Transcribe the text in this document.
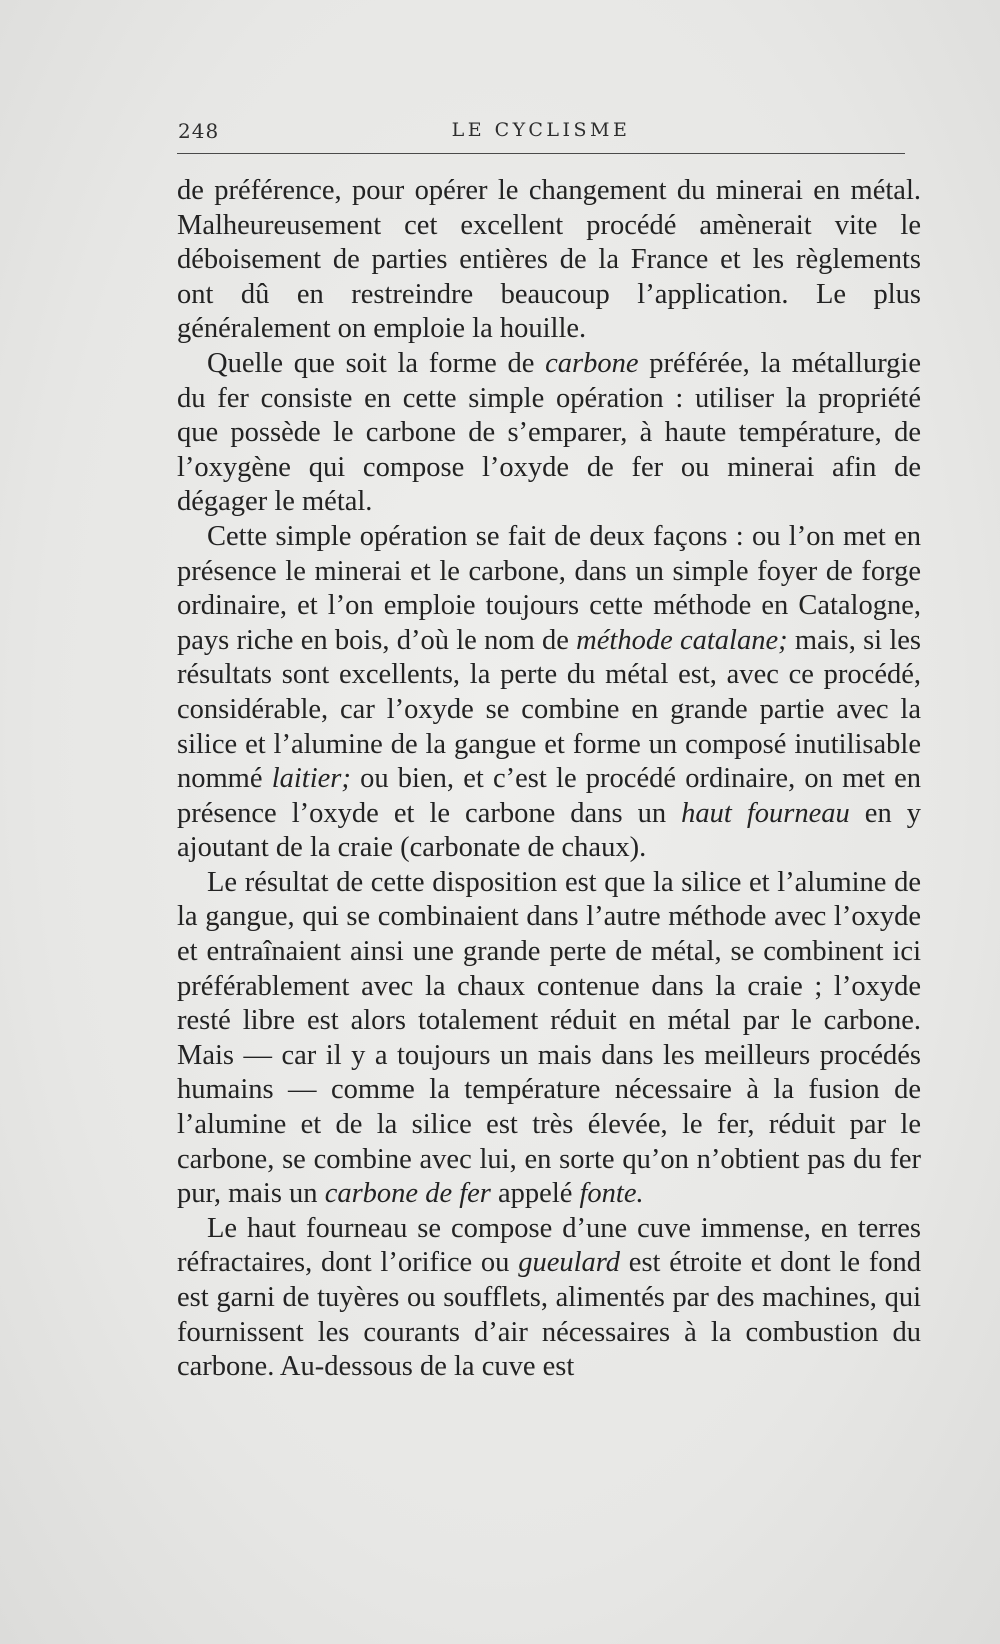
248	LE CYCLISME

de préférence, pour opérer le changement du minerai en métal. Malheureusement cet excellent procédé amènerait vite le déboisement de parties entières de la France et les règlements ont dû en restreindre beaucoup l’application. Le plus généralement on emploie la houille.

Quelle que soit la forme de carbone préférée, la métallurgie du fer consiste en cette simple opération : utiliser la propriété que possède le carbone de s’emparer, à haute température, de l’oxygène qui compose l’oxyde de fer ou minerai afin de dégager le métal.

Cette simple opération se fait de deux façons : ou l’on met en présence le minerai et le carbone, dans un simple foyer de forge ordinaire, et l’on emploie toujours cette méthode en Catalogne, pays riche en bois, d’où le nom de méthode catalane; mais, si les résultats sont excellents, la perte du métal est, avec ce procédé, considérable, car l’oxyde se combine en grande partie avec la silice et l’alumine de la gangue et forme un composé inutilisable nommé laitier; ou bien, et c’est le procédé ordinaire, on met en présence l’oxyde et le carbone dans un haut fourneau en y ajoutant de la craie (carbonate de chaux).

Le résultat de cette disposition est que la silice et l’alumine de la gangue, qui se combinaient dans l’autre méthode avec l’oxyde et entraînaient ainsi une grande perte de métal, se combinent ici préférablement avec la chaux contenue dans la craie ; l’oxyde resté libre est alors totalement réduit en métal par le carbone. Mais — car il y a toujours un mais dans les meilleurs procédés humains — comme la température nécessaire à la fusion de l’alumine et de la silice est très élevée, le fer, réduit par le carbone, se combine avec lui, en sorte qu’on n’obtient pas du fer pur, mais un carbone de fer appelé fonte.

Le haut fourneau se compose d’une cuve immense, en terres réfractaires, dont l’orifice ou gueulard est étroite et dont le fond est garni de tuyères ou soufflets, alimentés par des machines, qui fournissent les courants d’air nécessaires à la combustion du carbone. Au-dessous de la cuve est
